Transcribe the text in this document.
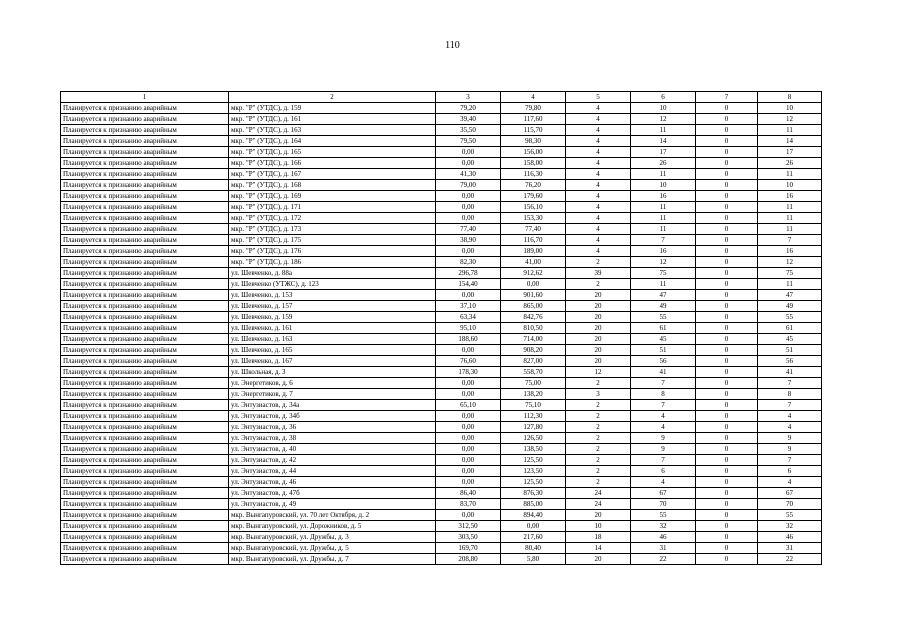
110
1	2	3	4	5	6	7	8
Планируется к признанию аварийным	мкр. "Р" (УТДС), д. 159	79,20	79,80	4	10	0	10
Планируется к признанию аварийным	мкр. "Р" (УТДС), д. 161	39,40	117,60	4	12	0	12
Планируется к признанию аварийным	мкр. "Р" (УТДС), д. 163	35,50	115,70	4	11	0	11
Планируется к признанию аварийным	мкр. "Р" (УТДС), д. 164	79,50	98,30	4	14	0	14
Планируется к признанию аварийным	мкр. "Р" (УТДС), д. 165	0,00	156,00	4	17	0	17
Планируется к признанию аварийным	мкр. "Р" (УТДС), д. 166	0,00	158,00	4	26	0	26
Планируется к признанию аварийным	мкр. "Р" (УТДС), д. 167	41,30	116,30	4	11	0	11
Планируется к признанию аварийным	мкр. "Р" (УТДС), д. 168	79,00	76,20	4	10	0	10
Планируется к признанию аварийным	мкр. "Р" (УТДС), д. 169	0,00	179,60	4	16	0	16
Планируется к признанию аварийным	мкр. "Р" (УТДС), д. 171	0,00	156,10	4	11	0	11
Планируется к признанию аварийным	мкр. "Р" (УТДС), д. 172	0,00	153,30	4	11	0	11
Планируется к признанию аварийным	мкр. "Р" (УТДС), д. 173	77,40	77,40	4	11	0	11
Планируется к признанию аварийным	мкр. "Р" (УТДС), д. 175	38,90	116,70	4	7	0	7
Планируется к признанию аварийным	мкр. "Р" (УТДС), д. 176	0,00	189,00	4	16	0	16
Планируется к признанию аварийным	мкр. "Р" (УТДС), д. 186	82,30	41,00	2	12	0	12
Планируется к признанию аварийным	ул. Шевченко, д. 88а	296,78	912,62	39	75	0	75
Планируется к признанию аварийным	ул. Шевченко (УТЖС), д. 123	154,40	0,00	2	11	0	11
Планируется к признанию аварийным	ул. Шевченко, д. 153	0,00	901,60	20	47	0	47
Планируется к признанию аварийным	ул. Шевченко, д. 157	37,10	865,00	20	49	0	49
Планируется к признанию аварийным	ул. Шевченко, д. 159	63,34	842,76	20	55	0	55
Планируется к признанию аварийным	ул. Шевченко, д. 161	95,10	810,50	20	61	0	61
Планируется к признанию аварийным	ул. Шевченко, д. 163	188,60	714,00	20	45	0	45
Планируется к признанию аварийным	ул. Шевченко, д. 165	0,00	908,20	20	51	0	51
Планируется к признанию аварийным	ул. Шевченко, д. 167	76,60	827,00	20	56	0	56
Планируется к признанию аварийным	ул. Школьная, д. 3	178,30	558,70	12	41	0	41
Планируется к признанию аварийным	ул. Энергетиков, д. 6	0,00	75,00	2	7	0	7
Планируется к признанию аварийным	ул. Энергетиков, д. 7	0,00	138,20	3	8	0	8
Планируется к признанию аварийным	ул. Энтузиастов, д. 34а	65,10	75,10	2	7	0	7
Планируется к признанию аварийным	ул. Энтузиастов, д. 34б	0,00	112,30	2	4	0	4
Планируется к признанию аварийным	ул. Энтузиастов, д. 36	0,00	127,80	2	4	0	4
Планируется к признанию аварийным	ул. Энтузиастов, д. 38	0,00	126,50	2	9	0	9
Планируется к признанию аварийным	ул. Энтузиастов, д. 40	0,00	138,50	2	9	0	9
Планируется к признанию аварийным	ул. Энтузиастов, д. 42	0,00	125,50	2	7	0	7
Планируется к признанию аварийным	ул. Энтузиастов, д. 44	0,00	123,50	2	6	0	6
Планируется к признанию аварийным	ул. Энтузиастов, д. 46	0,00	125,50	2	4	0	4
Планируется к признанию аварийным	ул. Энтузиастов, д. 47б	86,40	876,30	24	67	0	67
Планируется к признанию аварийным	ул. Энтузиастов, д. 49	83,70	885,00	24	70	0	70
Планируется к признанию аварийным	мкр. Вынгапуровский, ул. 70 лет Октября, д. 2	0,00	894,40	20	55	0	55
Планируется к признанию аварийным	мкр. Вынгапуровский, ул. Дорожников, д. 5	312,50	0,00	10	32	0	32
Планируется к признанию аварийным	мкр. Вынгапуровский, ул. Дружбы, д. 3	303,50	217,60	18	46	0	46
Планируется к признанию аварийным	мкр. Вынгапуровский, ул. Дружбы, д. 5	169,70	80,40	14	31	0	31
Планируется к признанию аварийным	мкр. Вынгапуровский, ул. Дружбы, д. 7	208,80	5,80	20	22	0	22
